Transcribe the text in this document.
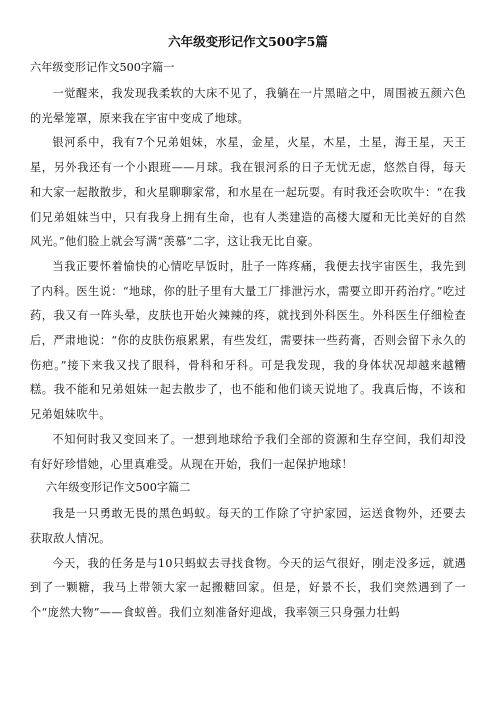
六年级变形记作文500字5篇
六年级变形记作文500字篇一

一觉醒来，我发现我柔软的大床不见了，我躺在一片黑暗之中，周围被五颜六色的光晕笼罩，原来我在宇宙中变成了地球。

银河系中，我有7个兄弟姐妹，水星，金星，火星，木星，土星，海王星，天王星，另外我还有一个小跟班——月球。我在银河系的日子无忧无虑，悠然自得，每天和大家一起散散步，和火星聊聊家常，和水星在一起玩耍。有时我还会吹吹牛：“在我们兄弟姐妹当中，只有我身上拥有生命，也有人类建造的高楼大厦和无比美好的自然风光。”他们脸上就会写满“羡慕”二字，这让我无比自豪。

当我正要怀着愉快的心情吃早饭时，肚子一阵疼痛，我便去找宇宙医生，我先到了内科。医生说：“地球，你的肚子里有大量工厂排泄污水，需要立即开药治疗。”吃过药，我又有一阵头晕，皮肤也开始火辣辣的疼，就找到外科医生。外科医生仔细检查后，严肃地说：“你的皮肤伤痕累累，有些发红，需要抹一些药膏，否则会留下永久的伤疤。”接下来我又找了眼科，骨科和牙科。可是我发现，我的身体状况却越来越糟糕。我不能和兄弟姐妹一起去散步了，也不能和他们谈天说地了。我真后悔，不该和兄弟姐妹吹牛。

不知何时我又变回来了。一想到地球给予我们全部的资源和生存空间，我们却没有好好珍惜她，心里真难受。从现在开始，我们一起保护地球！

六年级变形记作文500字篇二

我是一只勇敢无畏的黑色蚂蚁。每天的工作除了守护家园，运送食物外，还要去获取敌人情况。

今天，我的任务是与10只蚂蚁去寻找食物。今天的运气很好，刚走没多远，就遇到了一颗糖，我马上带领大家一起搬糖回家。但是，好景不长，我们突然遇到了一个“庞然大物”——食蚁兽。我们立刻准备好迎战，我率领三只身强力壮蚂
